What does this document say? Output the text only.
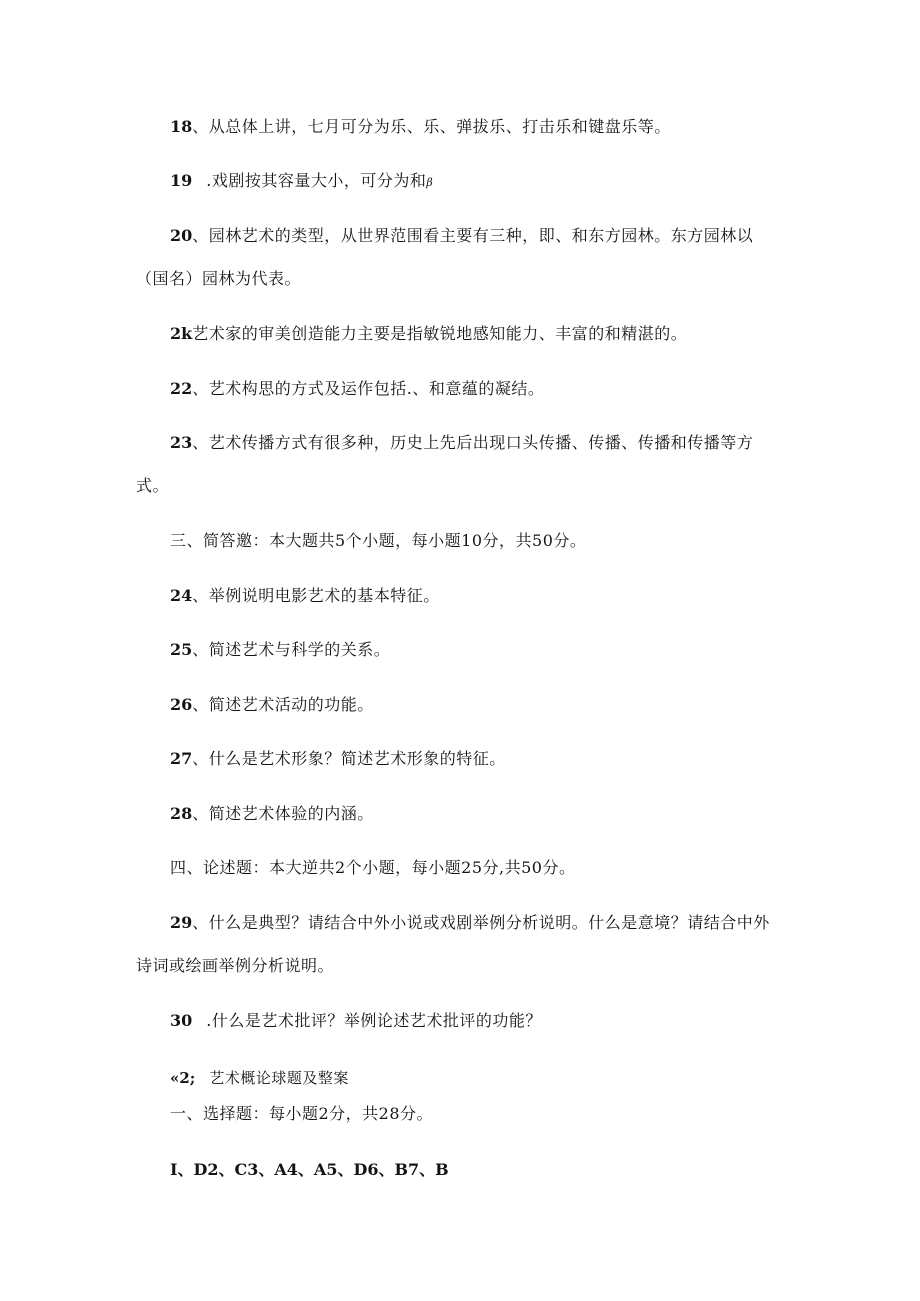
18、从总体上讲，七月可分为乐、乐、弹拔乐、打击乐和键盘乐等。
19 .戏剧按其容量大小，可分为和β
20、园林艺术的类型，从世界范围看主要有三种，即、和东方园林。东方园林以
（国名）园林为代表。
2k艺术家的审美创造能力主要是指敏锐地感知能力、丰富的和精湛的。
22、艺术构思的方式及运作包括.、和意蕴的凝结。
23、艺术传播方式有很多种，历史上先后出现口头传播、传播、传播和传播等方
式。
三、简答邀：本大题共5个小题，每小题10分，共50分。
24、举例说明电影艺术的基本特征。
25、简述艺术与科学的关系。
26、简述艺术活动的功能。
27、什么是艺术形象？简述艺术形象的特征。
28、简述艺术体验的内涵。
四、论述题：本大逆共2个小题，每小题25分,共50分。
29、什么是典型？请结合中外小说或戏剧举例分析说明。什么是意境？请结合中外
诗词或绘画举例分析说明。
30 .什么是艺术批评？举例论述艺术批评的功能？
«2; 艺术概论球题及整案
一、选择题：每小题2分，共28分。
I、D2、C3、A4、A5、D6、B7、B
